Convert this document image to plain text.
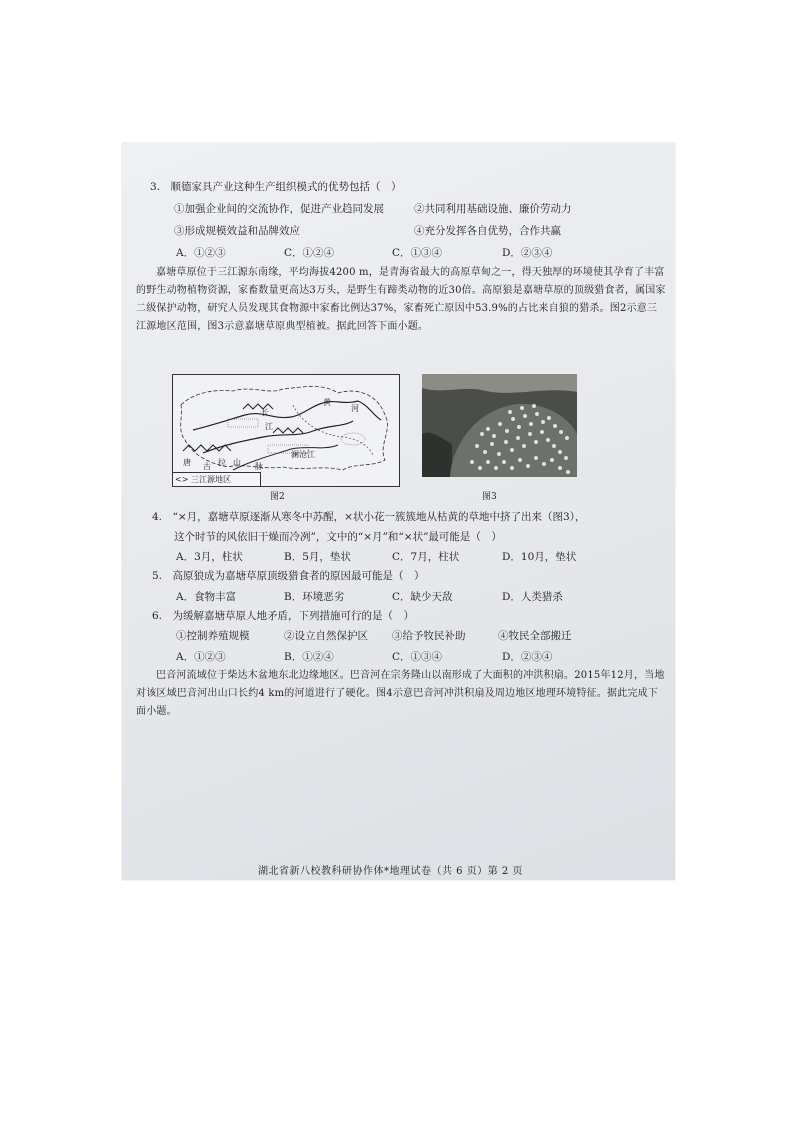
3.　顺德家具产业这种生产组织模式的优势包括（　）
①加强企业间的交流协作，促进产业趋同发展	②共同利用基础设施、廉价劳动力
③形成规模效益和品牌效应	④充分发挥各自优势，合作共赢
A．①②③	C．①②④	C．①③④	D．②③④
嘉塘草原位于三江源东南缘，平均海拔4200 m，是青海省最大的高原草甸之一，得天独厚的环境使其孕育了丰富的野生动物植物资源，家畜数量更高达3万头，是野生有蹄类动物的近30倍。高原狼是嘉塘草原的顶级猎食者，属国家二级保护动物，研究人员发现其食物源中家畜比例达37%，家畜死亡原因中53.9%的占比来自狼的猎杀。图2示意三江源地区范围，图3示意嘉塘草原典型植被。据此回答下面小题。
长
江
黄
河
澜沧江
唐 古 拉 山 脉
<> 三江源地区
图2	图3
4.　“×月，嘉塘草原逐渐从寒冬中苏醒，×状小花一簇簇地从枯黄的草地中挤了出来（图3），
这个时节的风依旧干燥而冷冽”，文中的“×月”和“×状”最可能是（　）
A．3月，柱状	B．5月，垫状	C．7月，柱状	D．10月，垫状
5.　高原狼成为嘉塘草原顶级猎食者的原因最可能是（　）
A．食物丰富	B．环境恶劣	C．缺少天敌	D．人类猎杀
6.　为缓解嘉塘草原人地矛盾，下列措施可行的是（　）
①控制养殖规模	②设立自然保护区 ③给予牧民补助	④牧民全部搬迁
A．①②③	B．①②④	C．①③④	D．②③④
巴音河流域位于柴达木盆地东北边缘地区。巴音河在宗务隆山以南形成了大面积的冲洪积扇。2015年12月，当地对该区域巴音河出山口长约4 km的河道进行了硬化。图4示意巴音河冲洪积扇及周边地区地理环境特征。据此完成下面小题。
湖北省新八校教科研协作体*地理试卷（共 6 页）第 2 页
